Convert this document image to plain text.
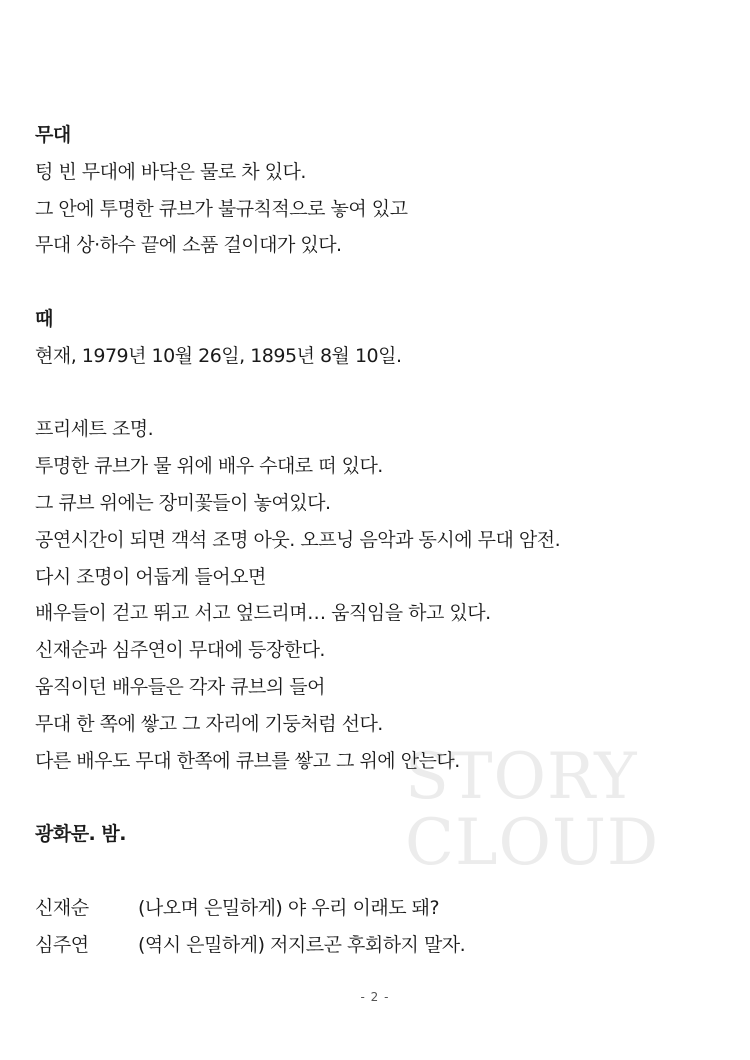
STORY
CLOUD
무대
텅 빈 무대에 바닥은 물로 차 있다.
그 안에 투명한 큐브가 불규칙적으로 놓여 있고
무대 상·하수 끝에 소품 걸이대가 있다.
때
현재, 1979년 10월 26일, 1895년 8월 10일.
프리세트 조명.
투명한 큐브가 물 위에 배우 수대로 떠 있다.
그 큐브 위에는 장미꽃들이 놓여있다.
공연시간이 되면 객석 조명 아웃. 오프닝 음악과 동시에 무대 암전.
다시 조명이 어둡게 들어오면
배우들이 걷고 뛰고 서고 엎드리며… 움직임을 하고 있다.
신재순과 심주연이 무대에 등장한다.
움직이던 배우들은 각자 큐브의 들어
무대 한 쪽에 쌓고 그 자리에 기둥처럼 선다.
다른 배우도 무대 한쪽에 큐브를 쌓고 그 위에 안는다.
광화문. 밤.
신재순	(나오며 은밀하게) 야 우리 이래도 돼?
심주연	(역시 은밀하게) 저지르곤 후회하지 말자.
- 2 -
